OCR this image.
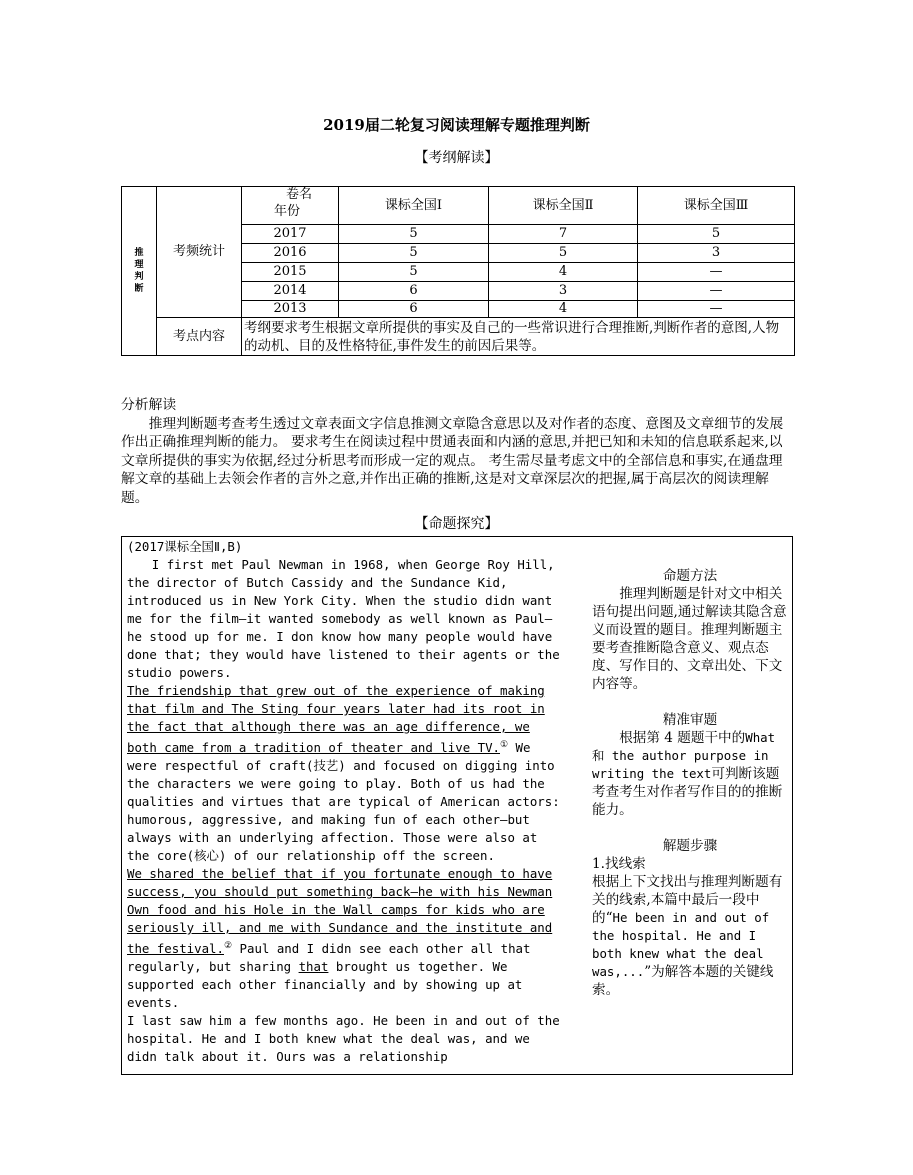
2019届二轮复习阅读理解专题推理判断
【考纲解读】
推
理
判
断	考频统计	卷名
年份	课标全国Ⅰ	课标全国Ⅱ	课标全国Ⅲ
		2017	5	7	5
		2016	5	5	3
		2015	5	4	—
		2014	6	3	—
		2013	6	4	—
	考点内容	考纲要求考生根据文章所提供的事实及自己的一些常识进行合理推断,判断作者的意图,人物的动机、目的及性格特征,事件发生的前因后果等。			

分析解读

推理判断题考查考生透过文章表面文字信息推测文章隐含意思以及对作者的态度、意图及文章细节的发展作出正确推理判断的能力。 要求考生在阅读过程中贯通表面和内涵的意思,并把已知和未知的信息联系起来,以文章所提供的事实为依据,经过分析思考而形成一定的观点。 考生需尽量考虑文中的全部信息和事实,在通盘理解文章的基础上去领会作者的言外之意,并作出正确的推断,这是对文章深层次的把握,属于高层次的阅读理解题。

【命题探究】

(2017课标全国Ⅱ,B)

I first met Paul Newman in 1968, when George Roy Hill, the director of Butch Cassidy and the Sundance Kid, introduced us in New York City. When the studio didn want me for the film—it wanted somebody as well known as Paul—he stood up for me. I don know how many people would have done that; they would have listened to their agents or the studio powers.

The friendship that grew out of the experience of making that film and The Sting four years later had its root in the fact that although there was an age difference, we both came from a tradition of theater and live TV.① We were respectful of craft(技艺) and focused on digging into the characters we were going to play. Both of us had the qualities and virtues that are typical of American actors: humorous, aggressive, and making fun of each other—but always with an underlying affection. Those were also at the core(核心) of our relationship off the screen.

We shared the belief that if you fortunate enough to have success, you should put something back—he with his Newman Own food and his Hole in the Wall camps for kids who are seriously ill, and me with Sundance and the institute and the festival.② Paul and I didn see each other all that regularly, but sharing that brought us together. We supported each other financially and by showing up at events.

I last saw him a few months ago. He been in and out of the hospital. He and I both knew what the deal was, and we didn talk about it. Ours was a relationship

命题方法

推理判断题是针对文中相关语句提出问题,通过解读其隐含意义而设置的题目。推理判断题主要考查推断隐含意义、观点态度、写作目的、文章出处、下文内容等。

精准审题

根据第 4 题题干中的What 和 the author purpose in writing the text可判断该题考查考生对作者写作目的的推断能力。

解题步骤

1.找线索

根据上下文找出与推理判断题有关的线索,本篇中最后一段中的“He been in and out of the hospital. He and I both knew what the deal was,...”为解答本题的关键线索。
